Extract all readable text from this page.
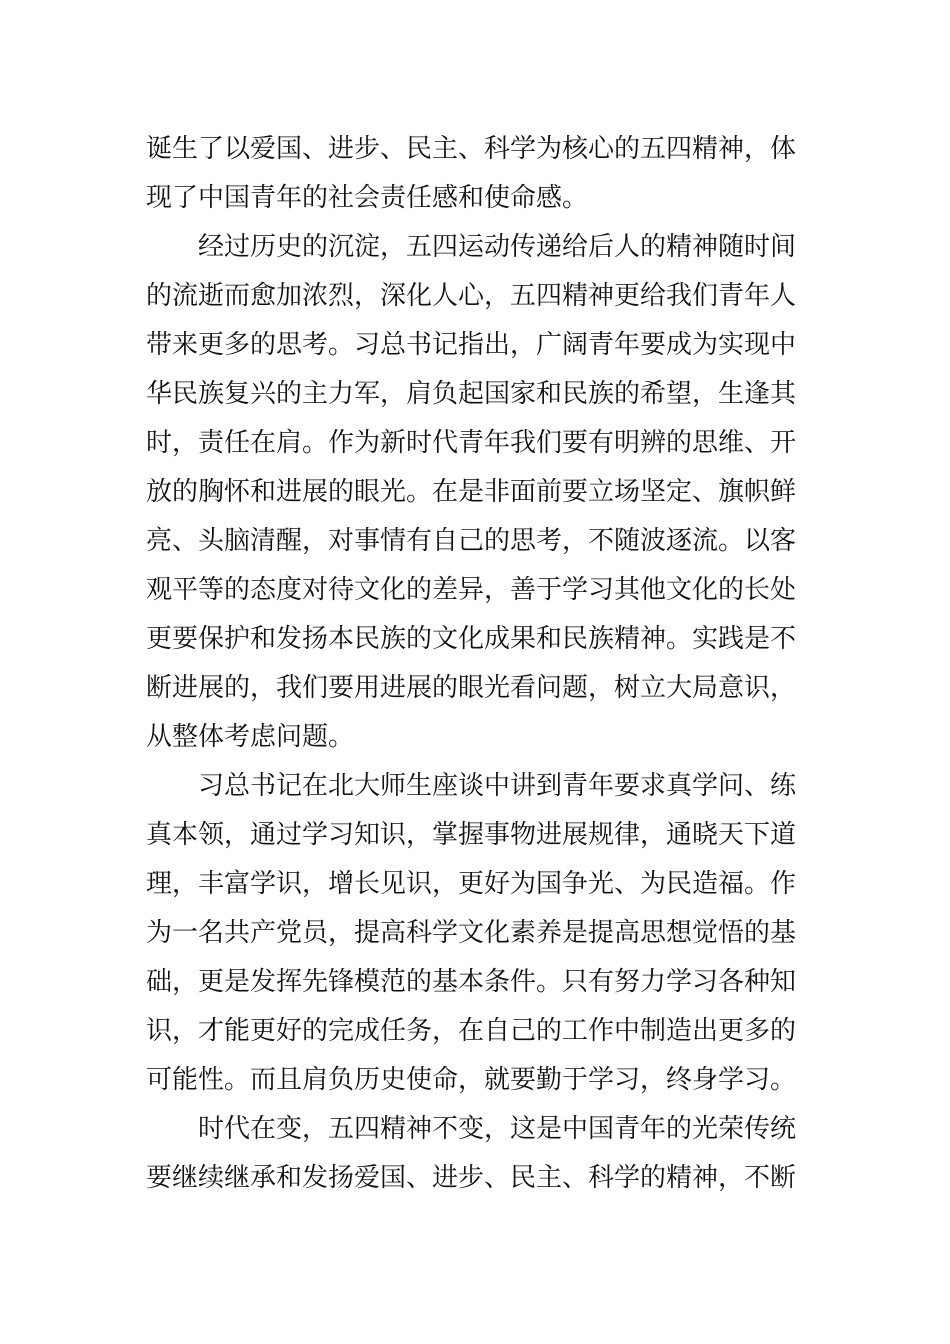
诞生了以爱国、进步、民主、科学为核心的五四精神，体
现了中国青年的社会责任感和使命感。
经过历史的沉淀，五四运动传递给后人的精神随时间
的流逝而愈加浓烈，深化人心，五四精神更给我们青年人
带来更多的思考。习总书记指出，广阔青年要成为实现中
华民族复兴的主力军，肩负起国家和民族的希望，生逢其
时，责任在肩。作为新时代青年我们要有明辨的思维、开
放的胸怀和进展的眼光。在是非面前要立场坚定、旗帜鲜
亮、头脑清醒，对事情有自己的思考，不随波逐流。以客
观平等的态度对待文化的差异，善于学习其他文化的长处
更要保护和发扬本民族的文化成果和民族精神。实践是不
断进展的，我们要用进展的眼光看问题，树立大局意识，
从整体考虑问题。
习总书记在北大师生座谈中讲到青年要求真学问、练
真本领，通过学习知识，掌握事物进展规律，通晓天下道
理，丰富学识，增长见识，更好为国争光、为民造福。作
为一名共产党员，提高科学文化素养是提高思想觉悟的基
础，更是发挥先锋模范的基本条件。只有努力学习各种知
识，才能更好的完成任务，在自己的工作中制造出更多的
可能性。而且肩负历史使命，就要勤于学习，终身学习。
时代在变，五四精神不变，这是中国青年的光荣传统
要继续继承和发扬爱国、进步、民主、科学的精神，不断
